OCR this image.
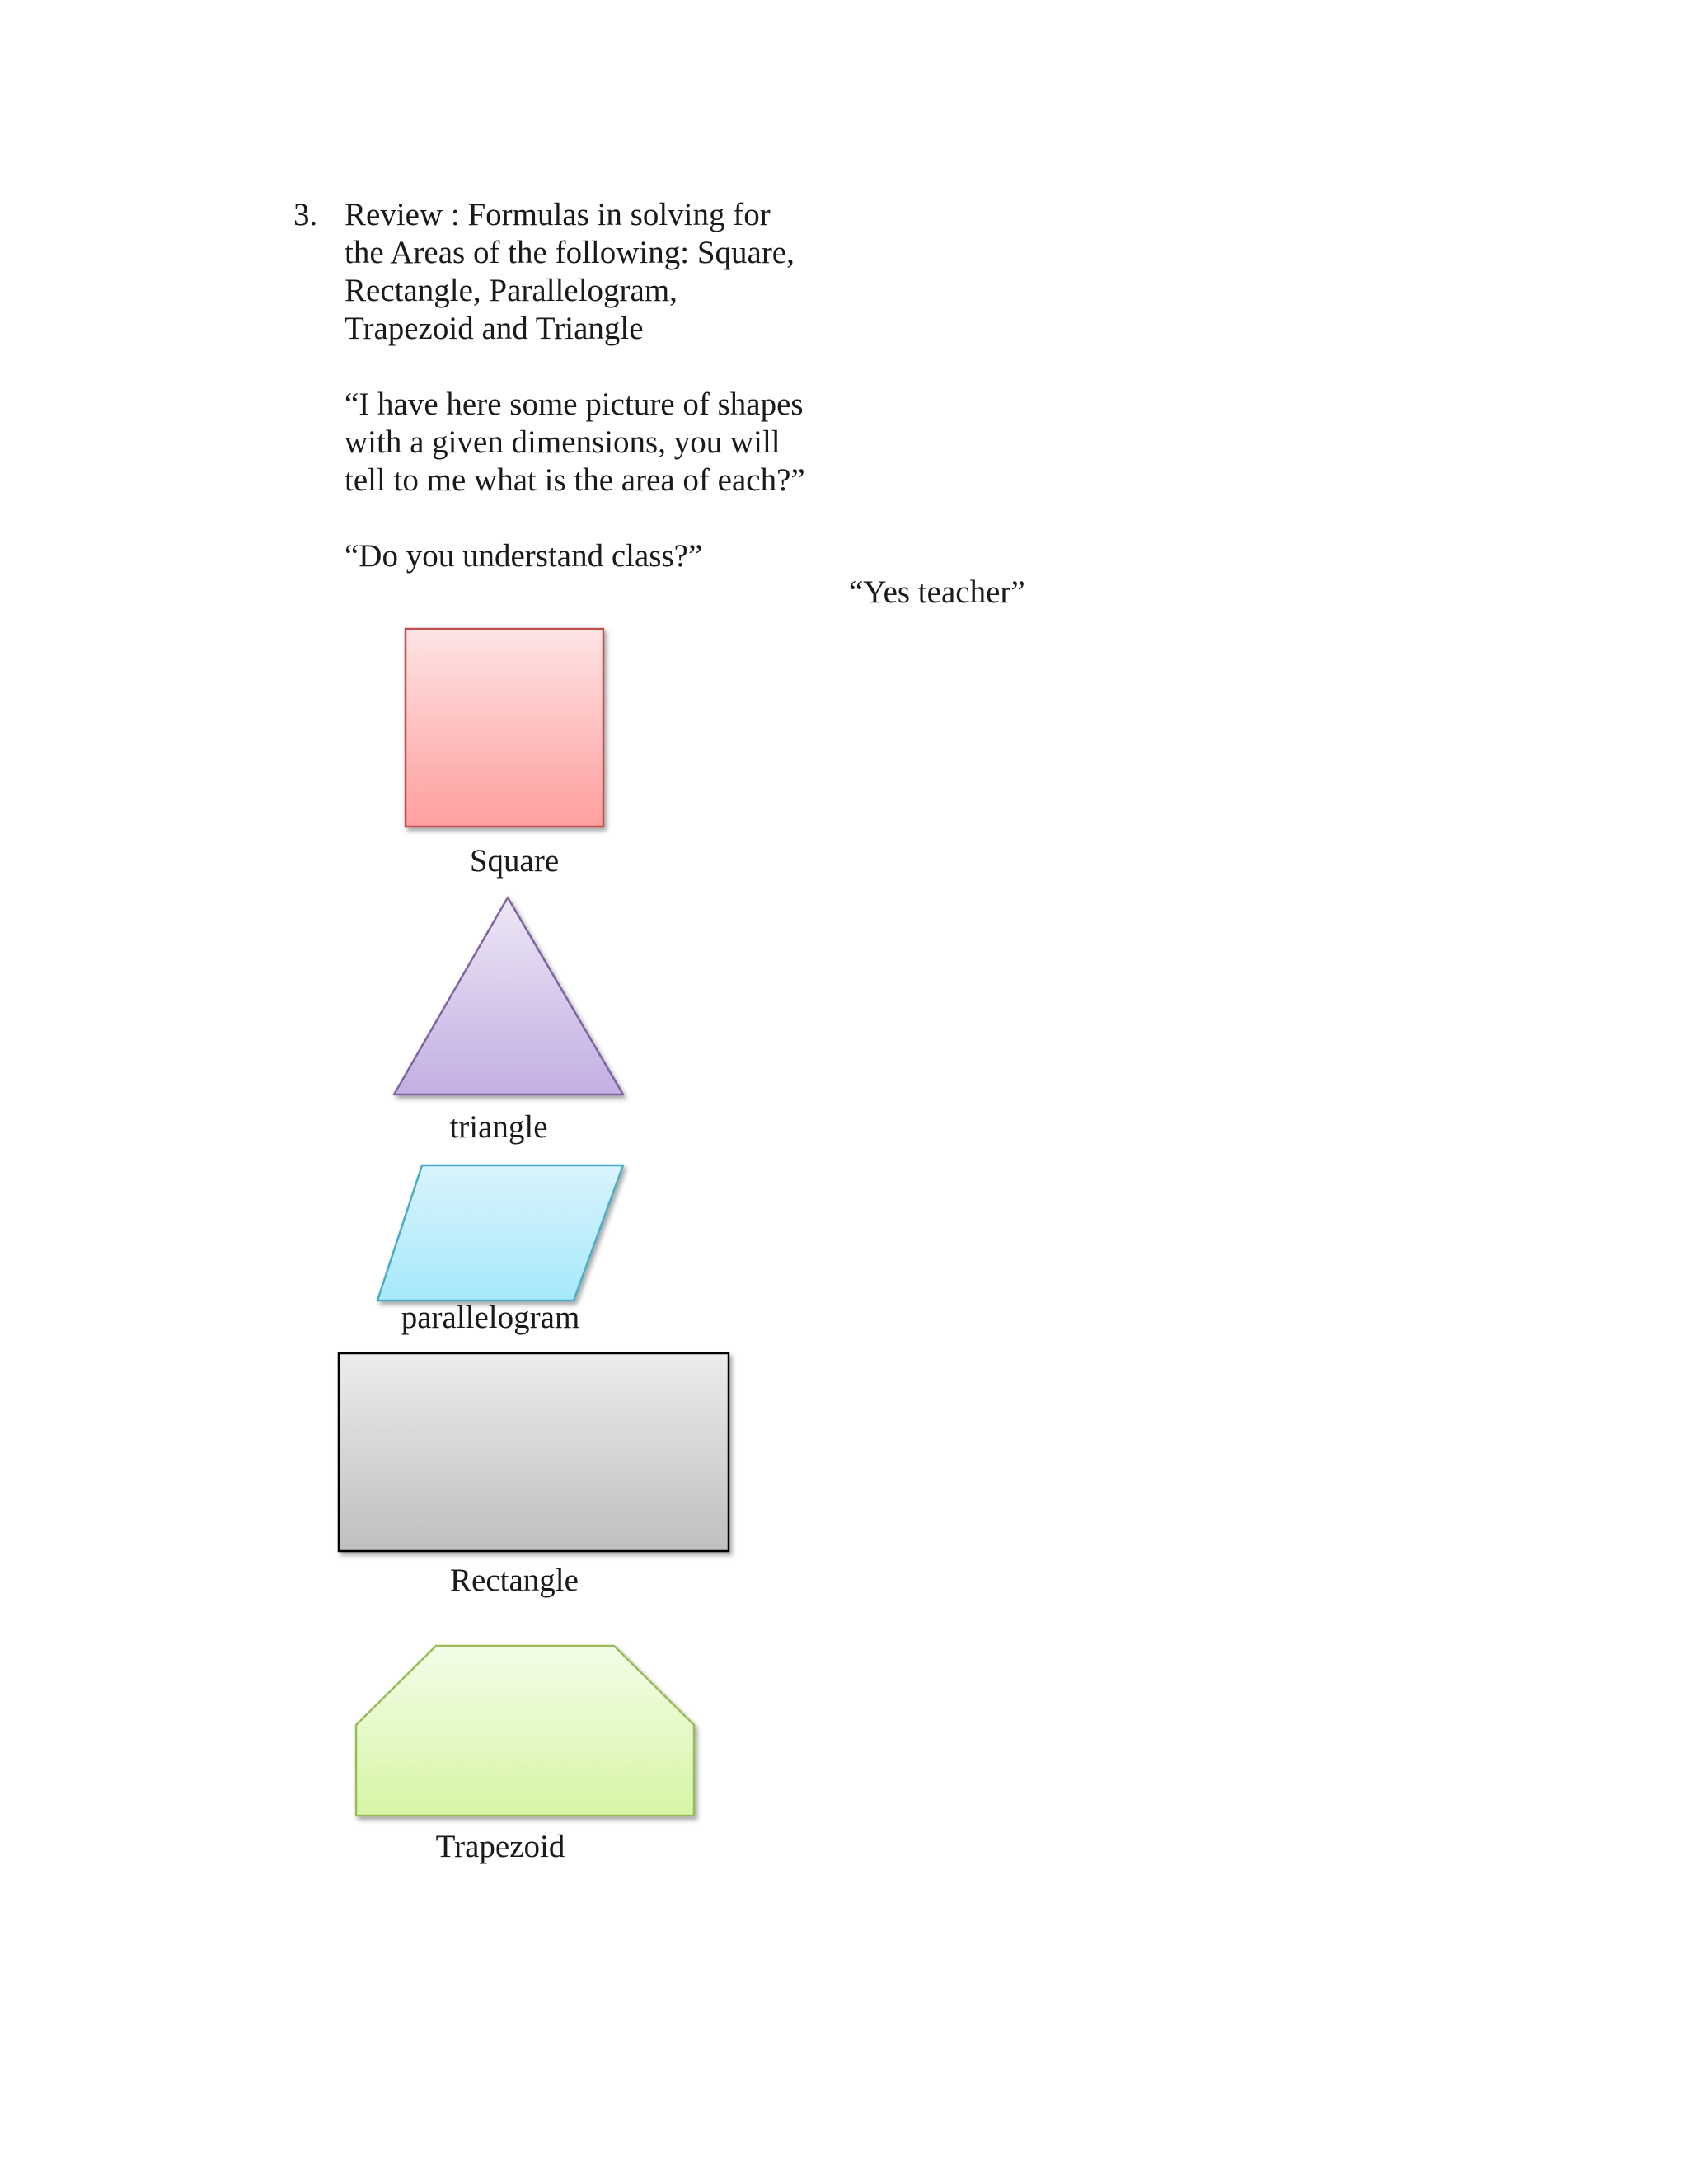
3. Review : Formulas in solving for
the Areas of the following: Square,
Rectangle, Parallelogram,
Trapezoid and Triangle
“I have here some picture of shapes
with a given dimensions, you will
tell to me what is the area of each?”
“Do you understand class?”
“Yes teacher”
Square
triangle
parallelogram
Rectangle
Trapezoid
